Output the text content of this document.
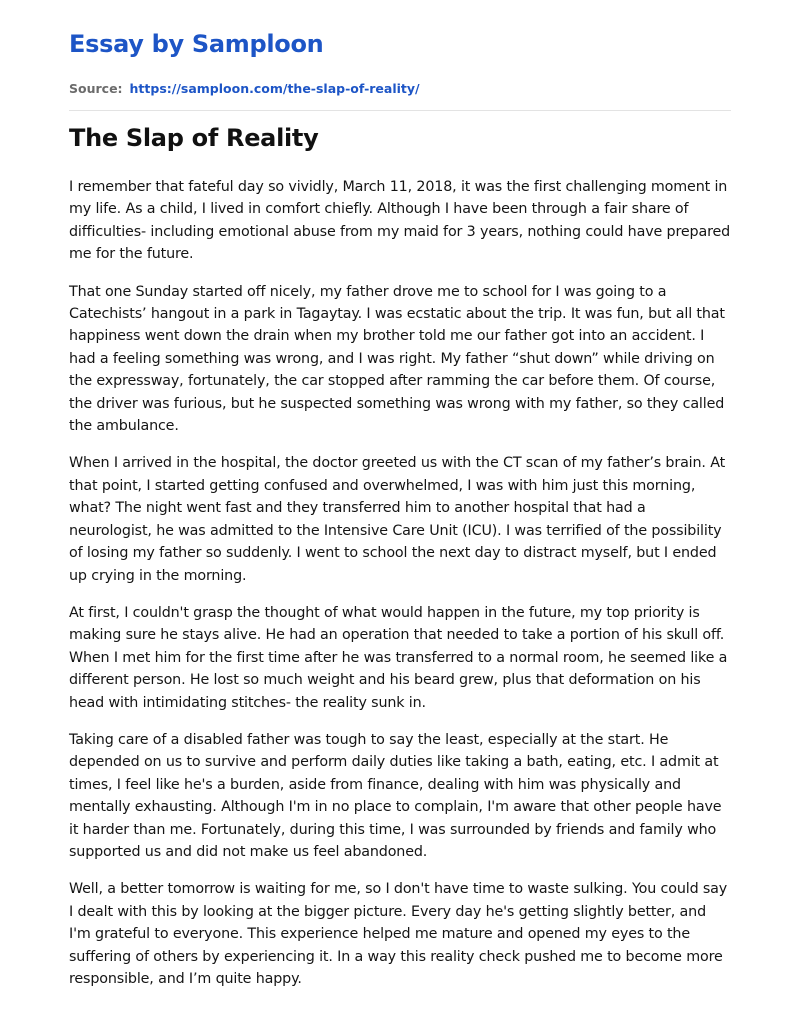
Essay by Samploon
Source: https://samploon.com/the-slap-of-reality/
The Slap of Reality

I remember that fateful day so vividly, March 11, 2018, it was the first challenging moment in my life. As a child, I lived in comfort chiefly. Although I have been through a fair share of difficulties- including emotional abuse from my maid for 3 years, nothing could have prepared me for the future.

That one Sunday started off nicely, my father drove me to school for I was going to a Catechists’ hangout in a park in Tagaytay. I was ecstatic about the trip. It was fun, but all that happiness went down the drain when my brother told me our father got into an accident. I had a feeling something was wrong, and I was right. My father “shut down” while driving on the expressway, fortunately, the car stopped after ramming the car before them. Of course, the driver was furious, but he suspected something was wrong with my father, so they called the ambulance.

When I arrived in the hospital, the doctor greeted us with the CT scan of my father’s brain. At that point, I started getting confused and overwhelmed, I was with him just this morning, what? The night went fast and they transferred him to another hospital that had a neurologist, he was admitted to the Intensive Care Unit (ICU). I was terrified of the possibility of losing my father so suddenly. I went to school the next day to distract myself, but I ended up crying in the morning.

At first, I couldn't grasp the thought of what would happen in the future, my top priority is making sure he stays alive. He had an operation that needed to take a portion of his skull off. When I met him for the first time after he was transferred to a normal room, he seemed like a different person. He lost so much weight and his beard grew, plus that deformation on his head with intimidating stitches- the reality sunk in.

Taking care of a disabled father was tough to say the least, especially at the start. He depended on us to survive and perform daily duties like taking a bath, eating, etc. I admit at times, I feel like he's a burden, aside from finance, dealing with him was physically and mentally exhausting. Although I'm in no place to complain, I'm aware that other people have it harder than me. Fortunately, during this time, I was surrounded by friends and family who supported us and did not make us feel abandoned.

Well, a better tomorrow is waiting for me, so I don't have time to waste sulking. You could say I dealt with this by looking at the bigger picture. Every day he's getting slightly better, and I'm grateful to everyone. This experience helped me mature and opened my eyes to the suffering of others by experiencing it. In a way this reality check pushed me to become more responsible, and I’m quite happy.
